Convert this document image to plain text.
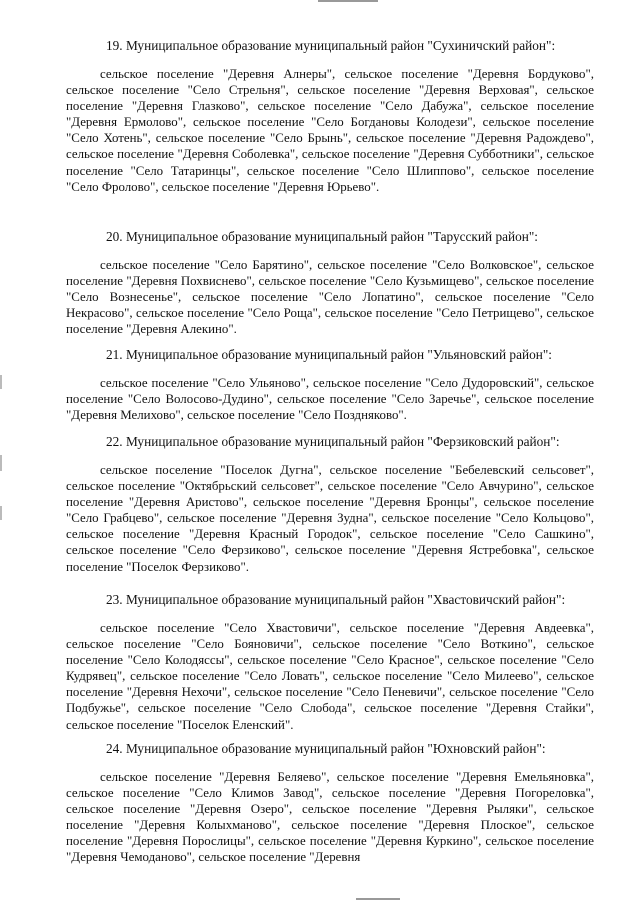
19. Муниципальное образование муниципальный район "Сухиничский район":

сельское поселение "Деревня Алнеры", сельское поселение "Деревня Бордуково", сельское поселение "Село Стрельня", сельское поселение "Деревня Верховая", сельское поселение "Деревня Глазково", сельское поселение "Село Дабужа", сельское поселение "Деревня Ермолово", сельское поселение "Село Богдановы Колодези", сельское поселение "Село Хотень", сельское поселение "Село Брынь", сельское поселение "Деревня Радождево", сельское поселение "Деревня Соболевка", сельское поселение "Деревня Субботники", сельское поселение "Село Татаринцы", сельское поселение "Село Шлиппово", сельское поселение "Село Фролово", сельское поселение "Деревня Юрьево".

20. Муниципальное образование муниципальный район "Тарусский район":

сельское поселение "Село Барятино", сельское поселение "Село Волковское", сельское поселение "Деревня Похвиснево", сельское поселение "Село Кузьмищево", сельское поселение "Село Вознесенье", сельское поселение "Село Лопатино", сельское поселение "Село Некрасово", сельское поселение "Село Роща", сельское поселение "Село Петрищево", сельское поселение "Деревня Алекино".

21. Муниципальное образование муниципальный район "Ульяновский район":

сельское поселение "Село Ульяново", сельское поселение "Село Дудоровский", сельское поселение "Село Волосово-Дудино", сельское поселение "Село Заречье", сельское поселение "Деревня Мелихово", сельское поселение "Село Поздняково".

22. Муниципальное образование муниципальный район "Ферзиковский район":

сельское поселение "Поселок Дугна", сельское поселение "Бебелевский сельсовет", сельское поселение "Октябрьский сельсовет", сельское поселение "Село Авчурино", сельское поселение "Деревня Аристово", сельское поселение "Деревня Бронцы", сельское поселение "Село Грабцево", сельское поселение "Деревня Зудна", сельское поселение "Село Кольцово", сельское поселение "Деревня Красный Городок", сельское поселение "Село Сашкино", сельское поселение "Село Ферзиково", сельское поселение "Деревня Ястребовка", сельское поселение "Поселок Ферзиково".

23. Муниципальное образование муниципальный район "Хвастовичский район":

сельское поселение "Село Хвастовичи", сельское поселение "Деревня Авдеевка", сельское поселение "Село Бояновичи", сельское поселение "Село Воткино", сельское поселение "Село Колодяссы", сельское поселение "Село Красное", сельское поселение "Село Кудрявец", сельское поселение "Село Ловать", сельское поселение "Село Милеево", сельское поселение "Деревня Нехочи", сельское поселение "Село Пеневичи", сельское поселение "Село Подбужье", сельское поселение "Село Слобода", сельское поселение "Деревня Стайки", сельское поселение "Поселок Еленский".

24. Муниципальное образование муниципальный район "Юхновский район":

сельское поселение "Деревня Беляево", сельское поселение "Деревня Емельяновка", сельское поселение "Село Климов Завод", сельское поселение "Деревня Погореловка", сельское поселение "Деревня Озеро", сельское поселение "Деревня Рыляки", сельское поселение "Деревня Колыхманово", сельское поселение "Деревня Плоское", сельское поселение "Деревня Порослицы", сельское поселение "Деревня Куркино", сельское поселение "Деревня Чемоданово", сельское поселение "Деревня
